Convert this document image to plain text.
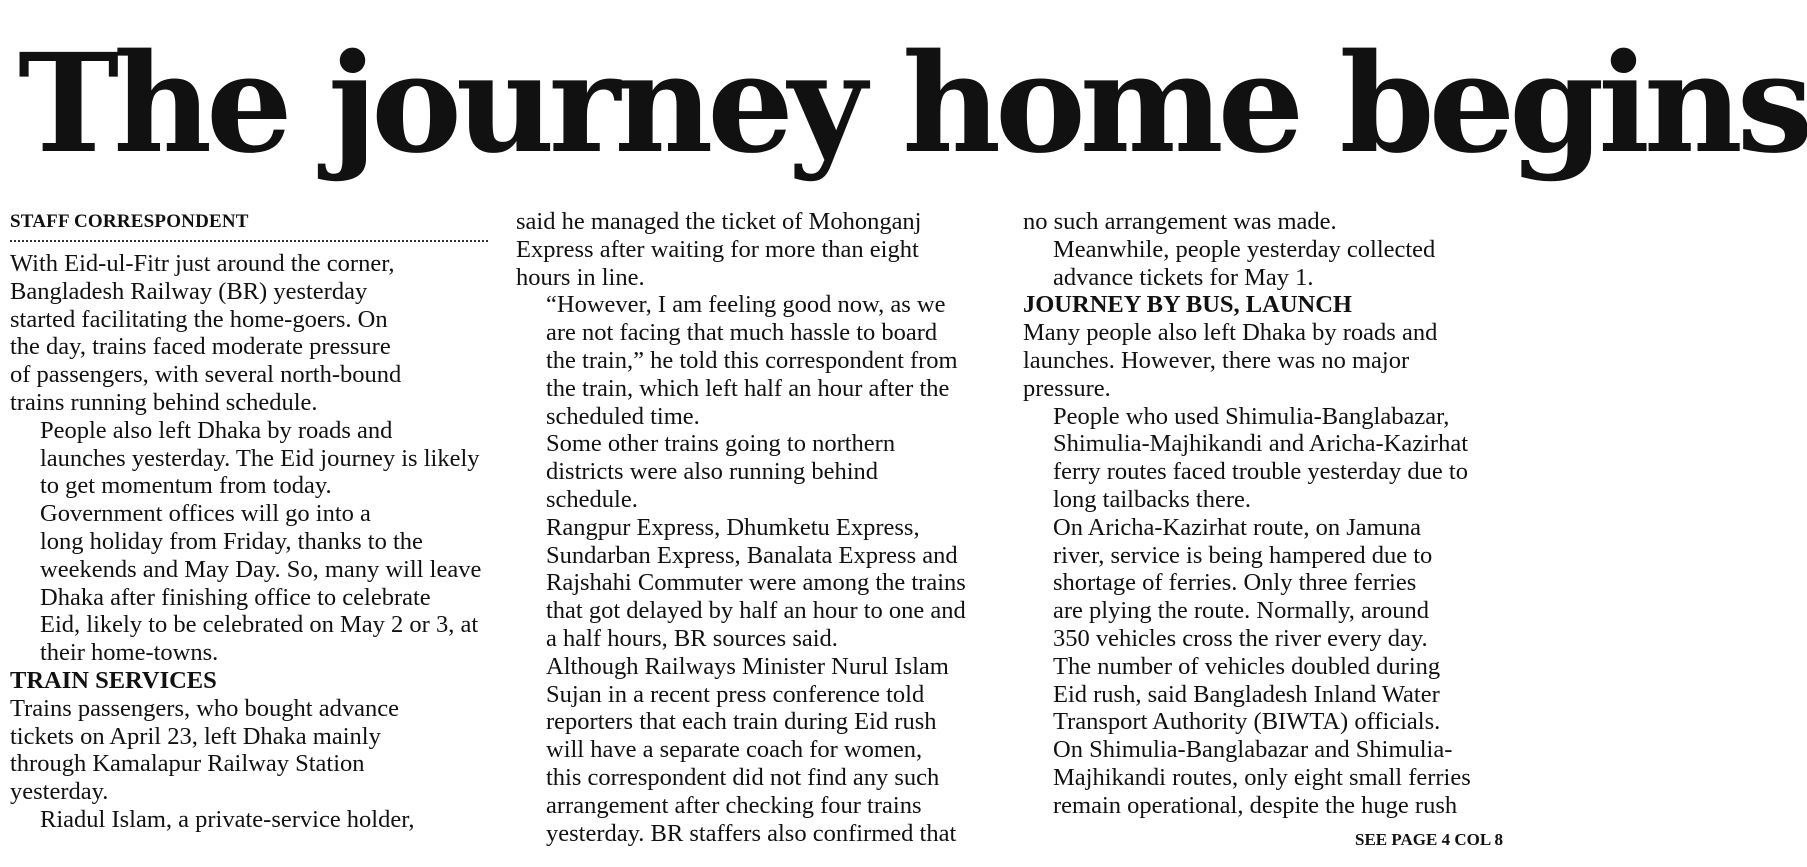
The journey home begins
STAFF CORRESPONDENT

With Eid-ul-Fitr just around the corner,
Bangladesh Railway (BR) yesterday
started facilitating the home-goers. On
the day, trains faced moderate pressure
of passengers, with several north-bound
trains running behind schedule.

People also left Dhaka by roads and
launches yesterday. The Eid journey is likely
to get momentum from today.

Government offices will go into a
long holiday from Friday, thanks to the
weekends and May Day. So, many will leave
Dhaka after finishing office to celebrate
Eid, likely to be celebrated on May 2 or 3, at
their home-towns.

TRAIN SERVICES

Trains passengers, who bought advance
tickets on April 23, left Dhaka mainly
through Kamalapur Railway Station
yesterday.

Riadul Islam, a private-service holder,

said he managed the ticket of Mohonganj
Express after waiting for more than eight
hours in line.

“However, I am feeling good now, as we
are not facing that much hassle to board
the train,” he told this correspondent from
the train, which left half an hour after the
scheduled time.

Some other trains going to northern
districts were also running behind
schedule.

Rangpur Express, Dhumketu Express,
Sundarban Express, Banalata Express and
Rajshahi Commuter were among the trains
that got delayed by half an hour to one and
a half hours, BR sources said.

Although Railways Minister Nurul Islam
Sujan in a recent press conference told
reporters that each train during Eid rush
will have a separate coach for women,
this correspondent did not find any such
arrangement after checking four trains
yesterday. BR staffers also confirmed that

no such arrangement was made.

Meanwhile, people yesterday collected
advance tickets for May 1.

JOURNEY BY BUS, LAUNCH

Many people also left Dhaka by roads and
launches. However, there was no major
pressure.

People who used Shimulia-Banglabazar,
Shimulia-Majhikandi and Aricha-Kazirhat
ferry routes faced trouble yesterday due to
long tailbacks there.

On Aricha-Kazirhat route, on Jamuna
river, service is being hampered due to
shortage of ferries. Only three ferries
are plying the route. Normally, around
350 vehicles cross the river every day.
The number of vehicles doubled during
Eid rush, said Bangladesh Inland Water
Transport Authority (BIWTA) officials.

On Shimulia-Banglabazar and Shimulia-
Majhikandi routes, only eight small ferries
remain operational, despite the huge rush

SEE PAGE 4 COL 8
